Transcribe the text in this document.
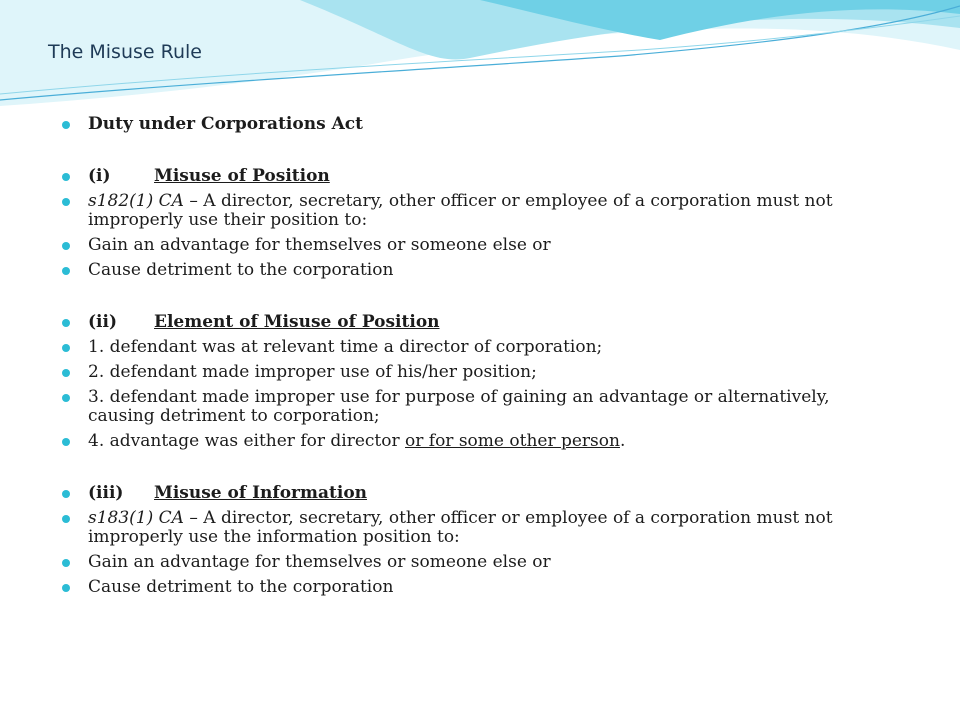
The Misuse Rule
Duty under Corporations Act
(i)	Misuse of Position
s182(1) CA – A director, secretary, other officer or employee of a corporation must not improperly use their position to:
Gain an advantage for themselves or someone else or
Cause detriment to the corporation
(ii) Element of Misuse of Position
1. defendant was at relevant time a director of corporation;
2. defendant made improper use of his/her position;
3. defendant made improper use for purpose of gaining an advantage or alternatively, causing detriment to corporation;
4. advantage was either for director or for some other person.
(iii) Misuse of Information
s183(1) CA – A director, secretary, other officer or employee of a corporation must not improperly use the information position to:
Gain an advantage for themselves or someone else or
Cause detriment to the corporation
